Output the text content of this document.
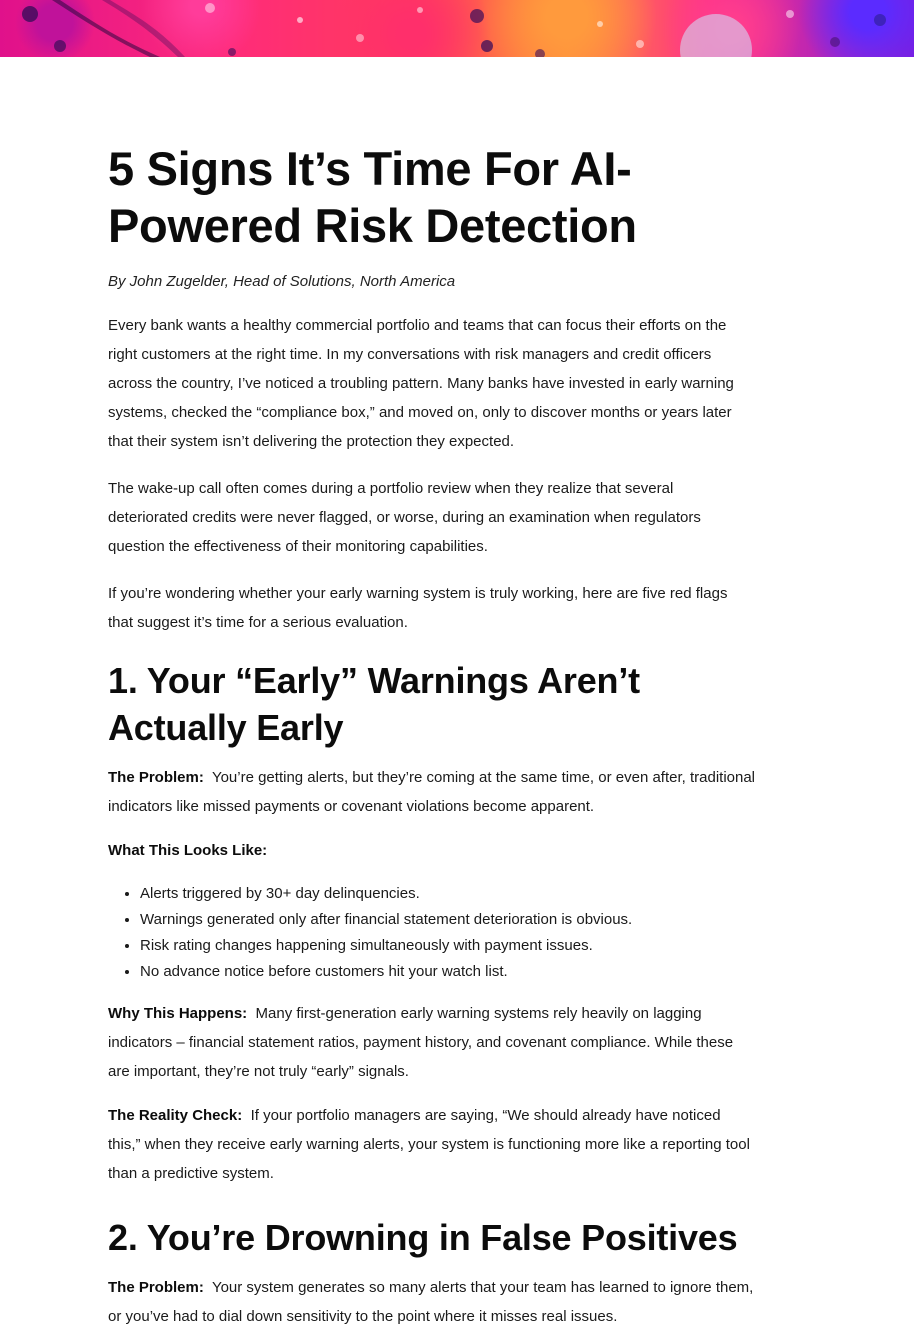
5 Signs It’s Time For AI-Powered Risk Detection

By John Zugelder, Head of Solutions, North America

Every bank wants a healthy commercial portfolio and teams that can focus their efforts on the right customers at the right time. In my conversations with risk managers and credit officers across the country, I’ve noticed a troubling pattern. Many banks have invested in early warning systems, checked the “compliance box,” and moved on, only to discover months or years later that their system isn’t delivering the protection they expected.

The wake-up call often comes during a portfolio review when they realize that several deteriorated credits were never flagged, or worse, during an examination when regulators question the effectiveness of their monitoring capabilities.

If you’re wondering whether your early warning system is truly working, here are five red flags that suggest it’s time for a serious evaluation.

1. Your “Early” Warnings Aren’t Actually Early

The Problem: You’re getting alerts, but they’re coming at the same time, or even after, traditional indicators like missed payments or covenant violations become apparent.

What This Looks Like:

• Alerts triggered by 30+ day delinquencies.
• Warnings generated only after financial statement deterioration is obvious.
• Risk rating changes happening simultaneously with payment issues.
• No advance notice before customers hit your watch list.

Why This Happens: Many first-generation early warning systems rely heavily on lagging indicators – financial statement ratios, payment history, and covenant compliance. While these are important, they’re not truly “early” signals.

The Reality Check: If your portfolio managers are saying, “We should already have noticed this,” when they receive early warning alerts, your system is functioning more like a reporting tool than a predictive system.

2. You’re Drowning in False Positives

The Problem: Your system generates so many alerts that your team has learned to ignore them, or you’ve had to dial down sensitivity to the point where it misses real issues.
